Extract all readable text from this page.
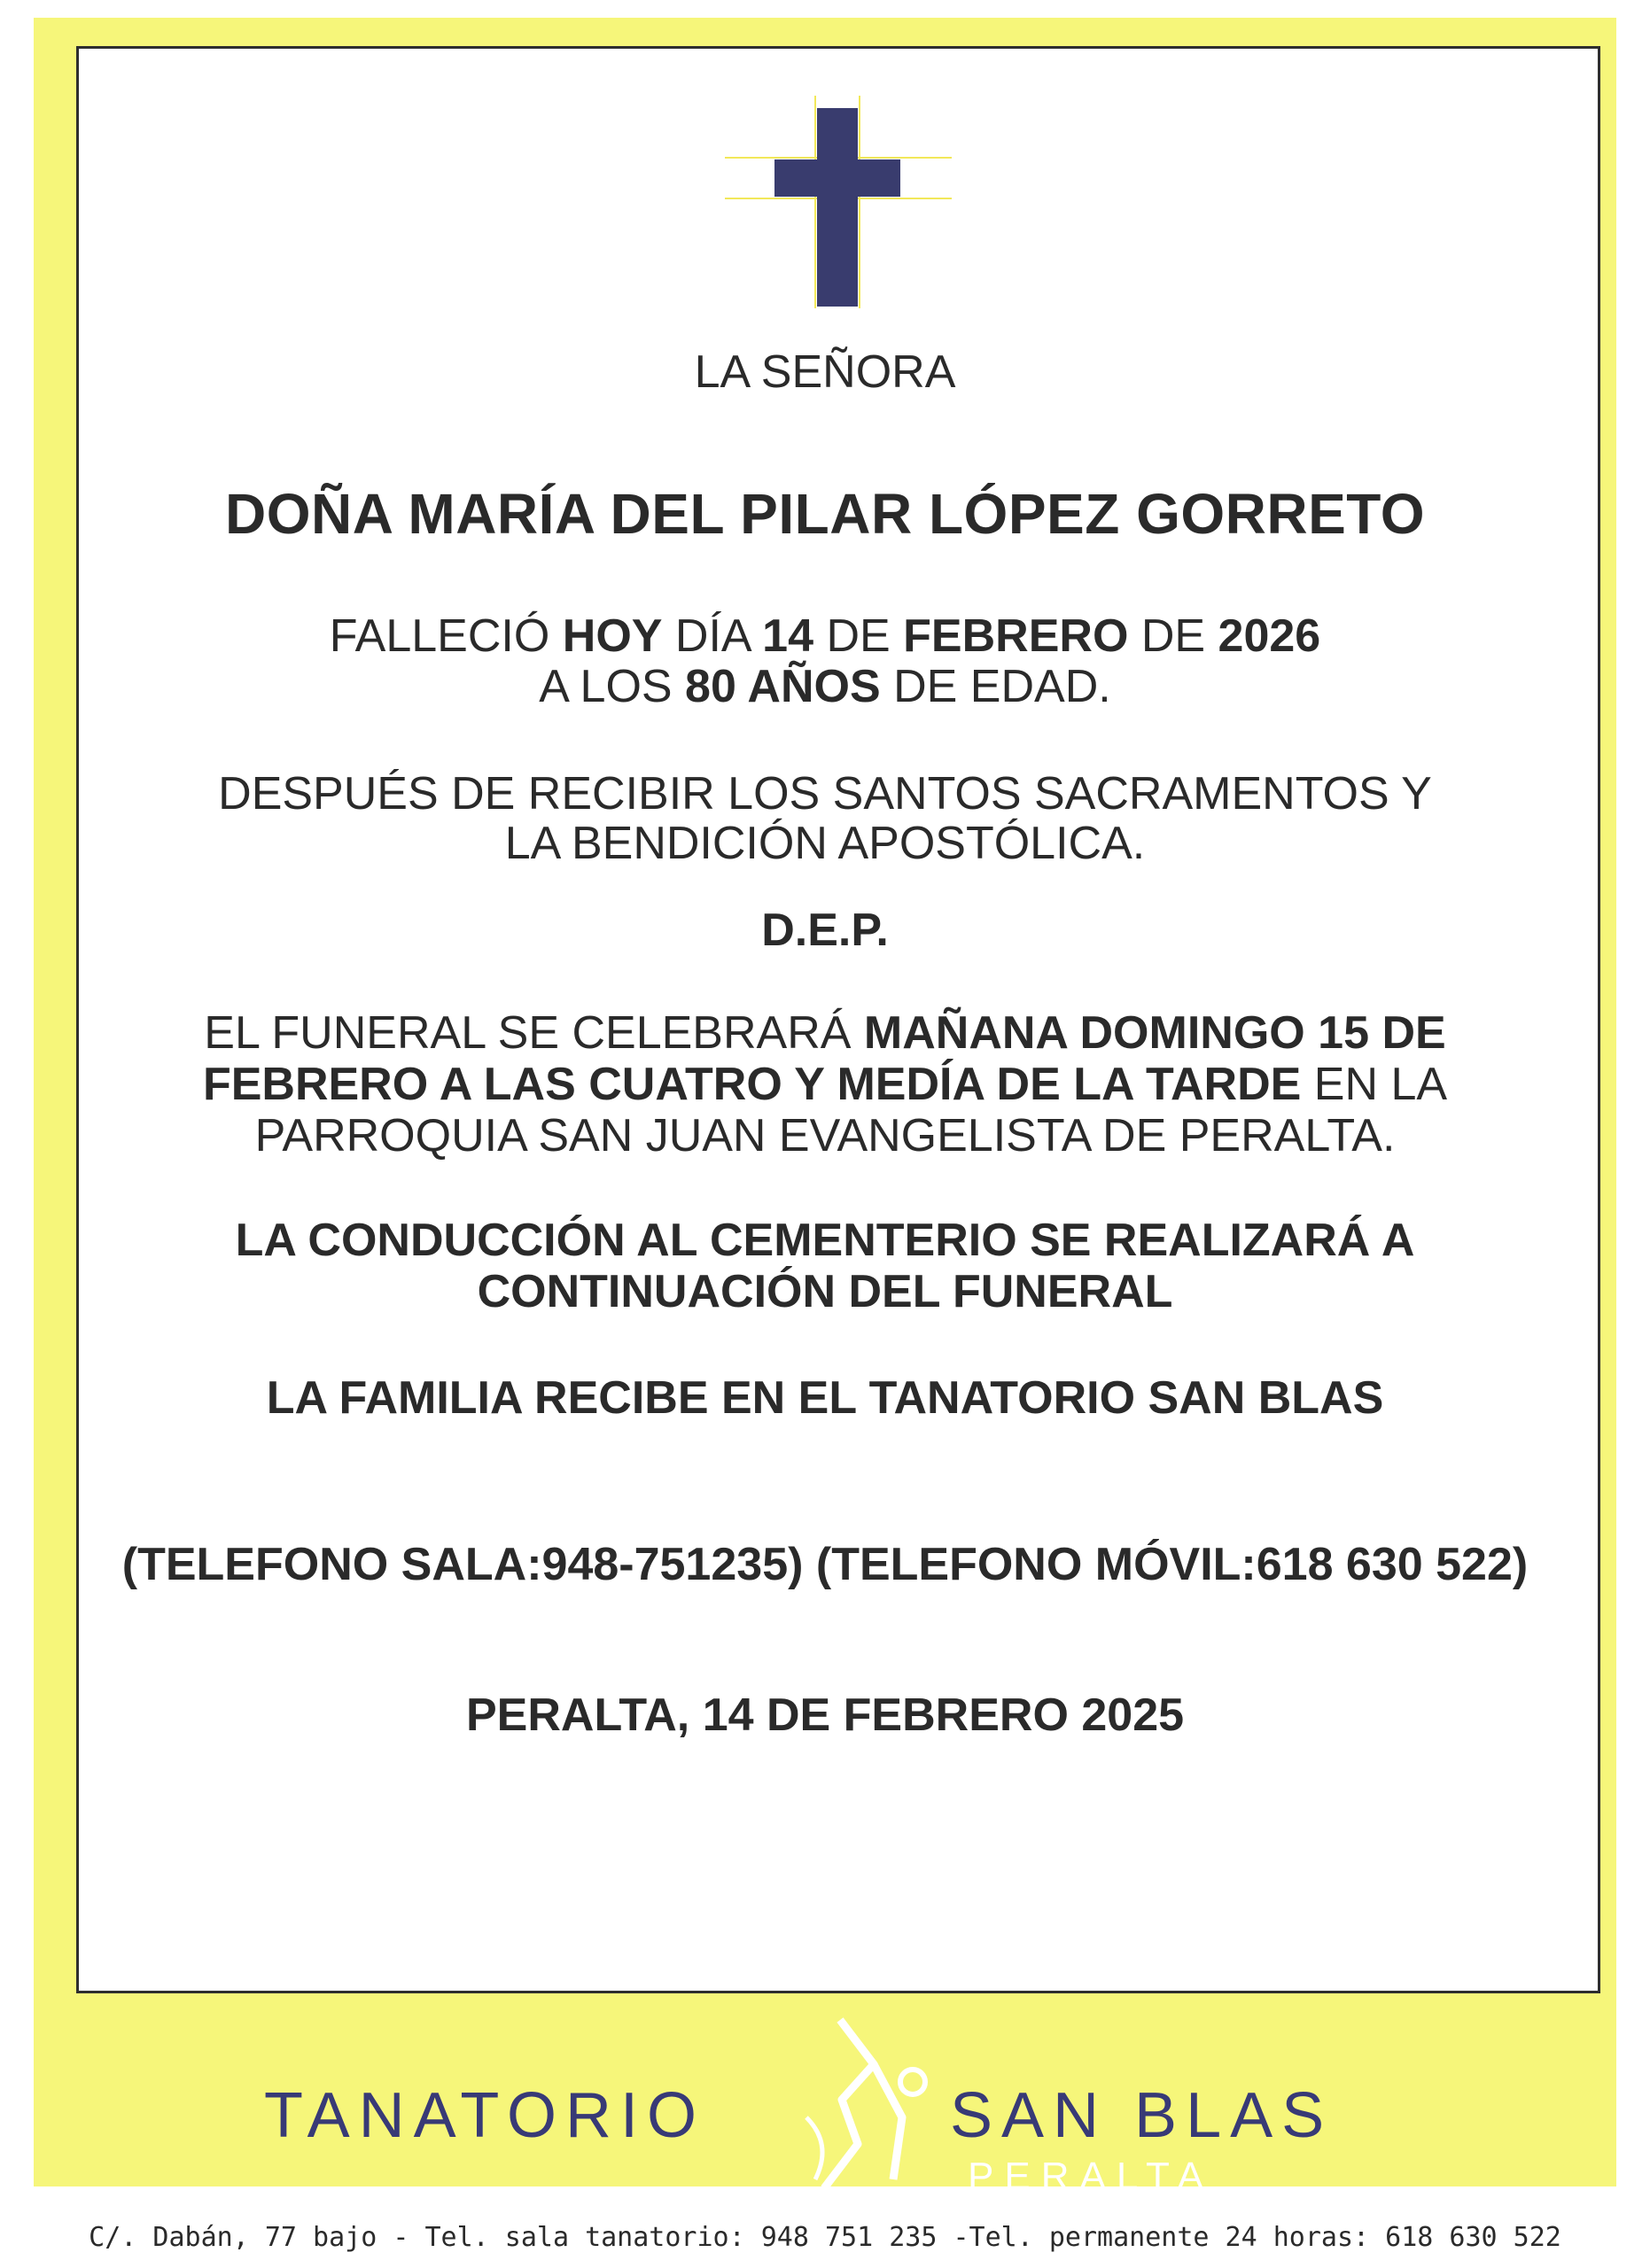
LA SEÑORA
DOÑA MARÍA DEL PILAR LÓPEZ GORRETO
FALLECIÓ HOY DÍA 14 DE FEBRERO DE 2026
A LOS 80 AÑOS DE EDAD.
DESPUÉS DE RECIBIR LOS SANTOS SACRAMENTOS Y
LA BENDICIÓN APOSTÓLICA.
D.E.P.
EL FUNERAL SE CELEBRARÁ MAÑANA DOMINGO 15 DE
FEBRERO A LAS CUATRO Y MEDÍA DE LA TARDE EN LA
PARROQUIA SAN JUAN EVANGELISTA DE PERALTA.
LA CONDUCCIÓN AL CEMENTERIO SE REALIZARÁ A
CONTINUACIÓN DEL FUNERAL
LA FAMILIA RECIBE EN EL TANATORIO SAN BLAS
(TELEFONO SALA:948-751235) (TELEFONO MÓVIL:618 630 522)
PERALTA, 14 DE FEBRERO 2025
TANATORIO	SAN BLAS
PERALTA
C/. Dabán, 77 bajo - Tel. sala tanatorio: 948 751 235 -Tel. permanente 24 horas: 618 630 522
